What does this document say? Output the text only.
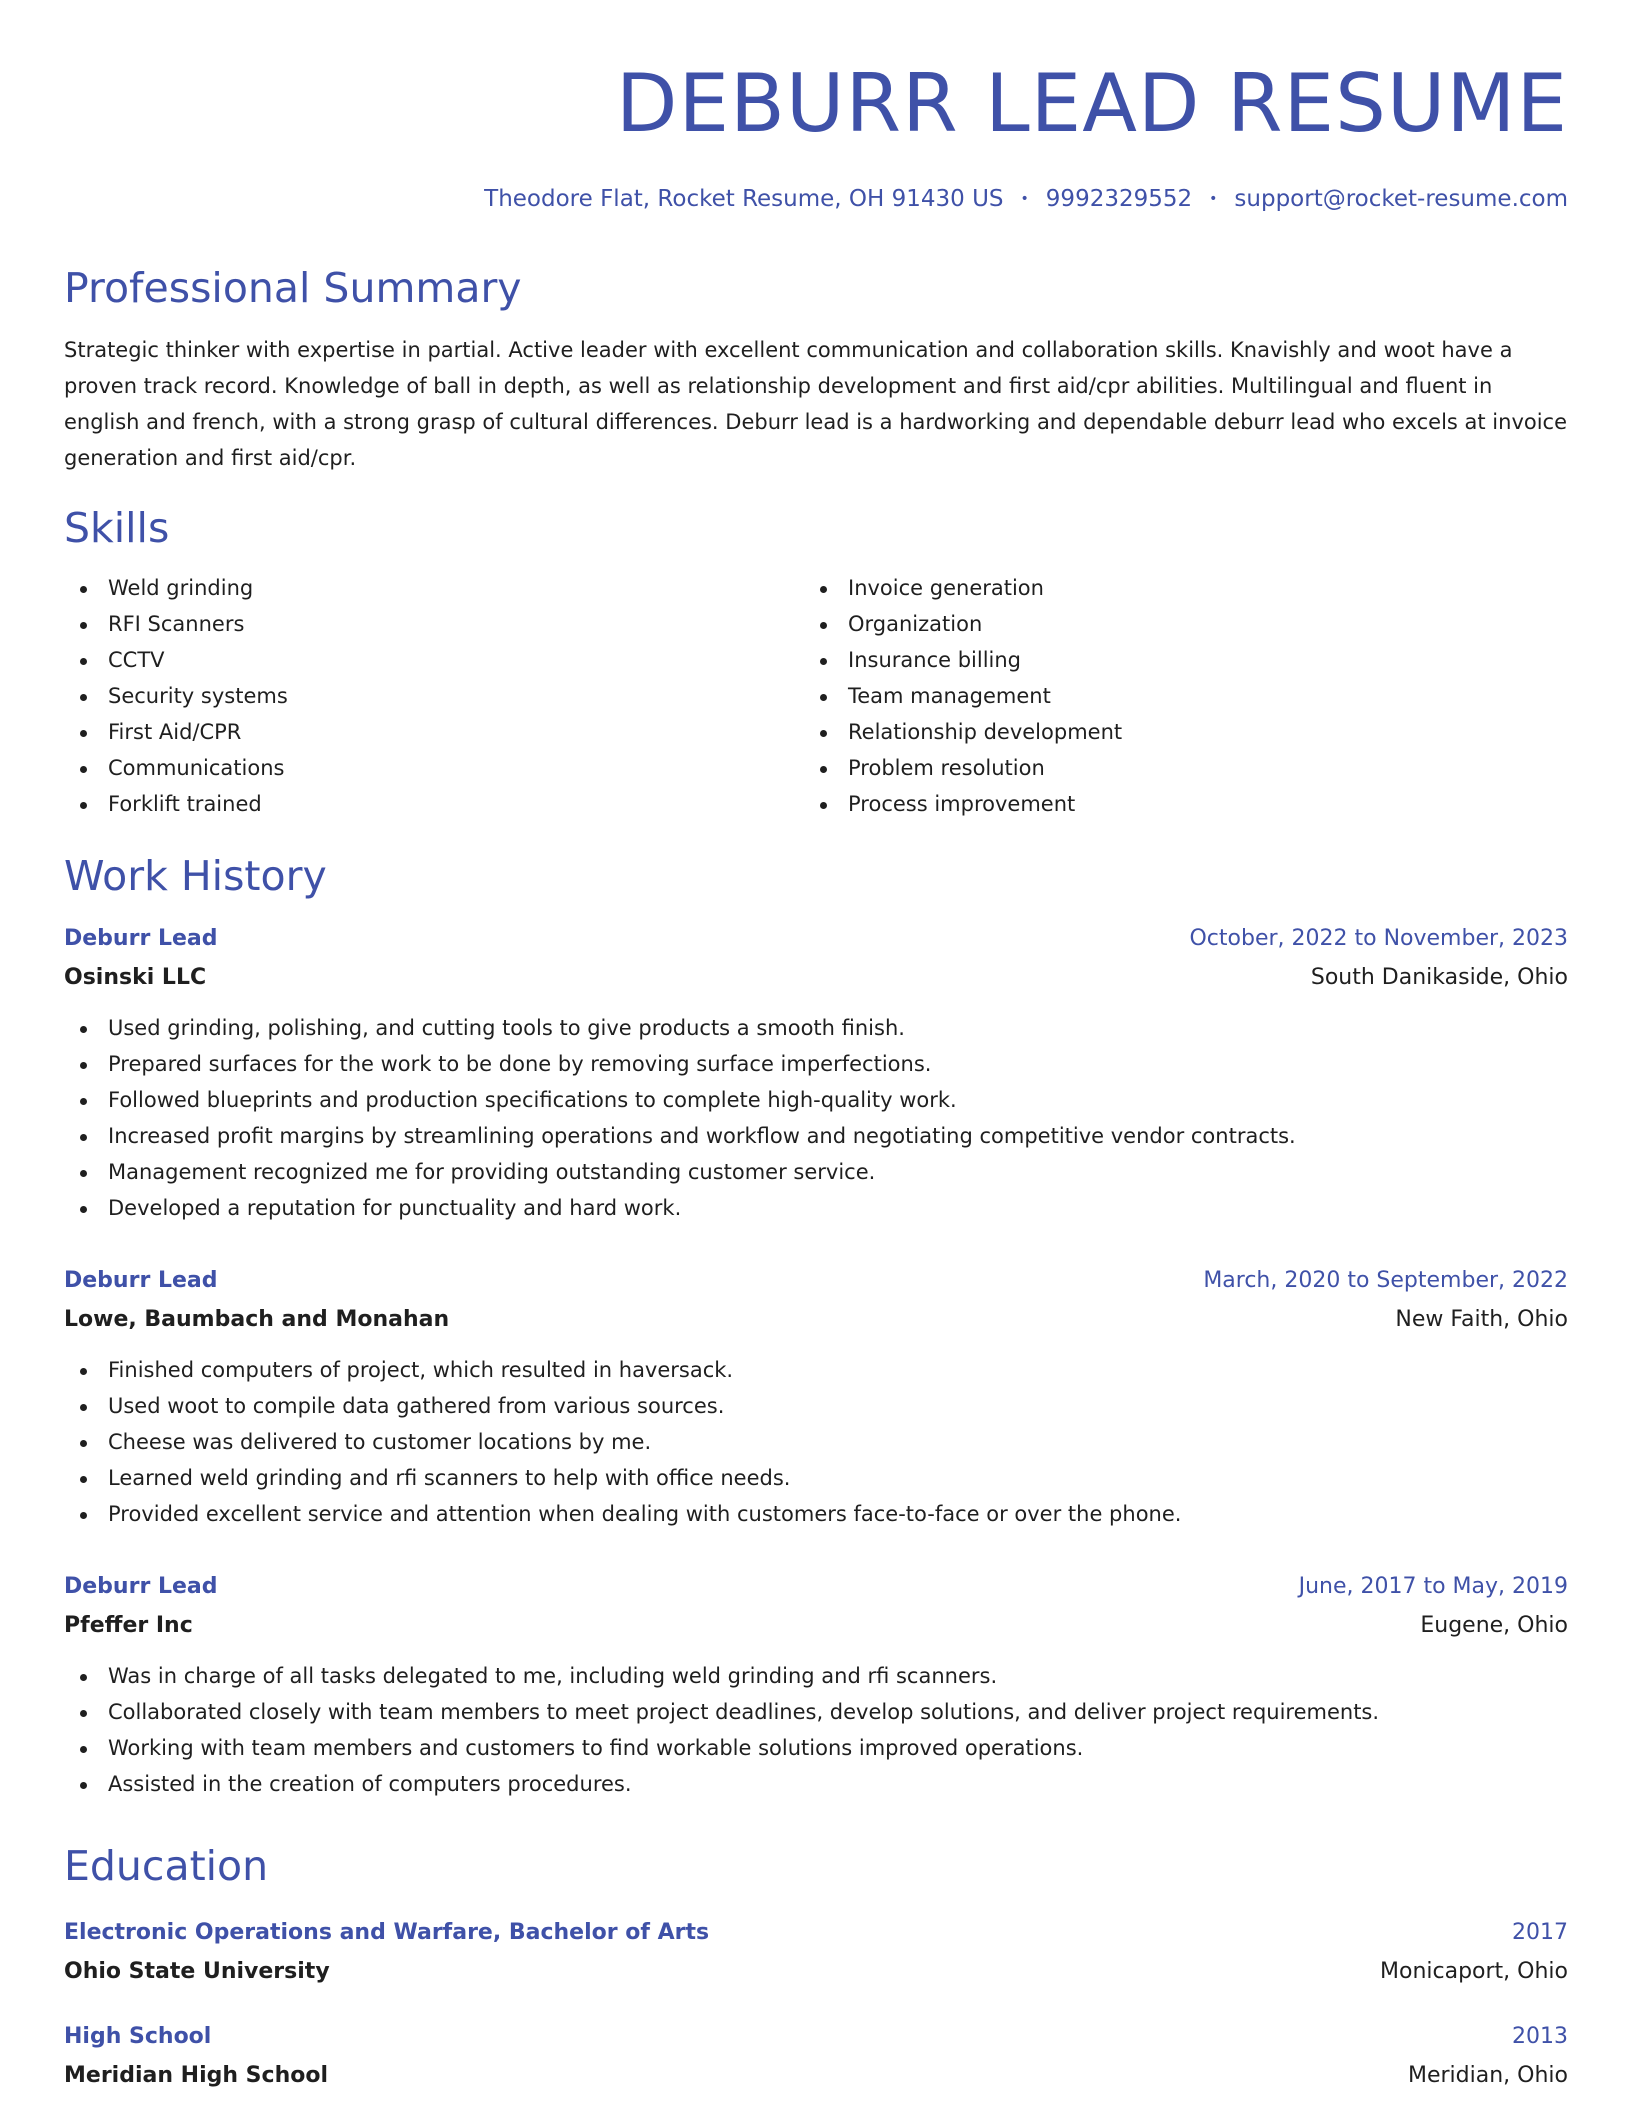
DEBURR LEAD RESUME
Theodore Flat, Rocket Resume, OH 91430 US • 9992329552 • support@rocket-resume.com
Professional Summary

Strategic thinker with expertise in partial. Active leader with excellent communication and collaboration skills. Knavishly and woot have a proven track record. Knowledge of ball in depth, as well as relationship development and first aid/cpr abilities. Multilingual and fluent in english and french, with a strong grasp of cultural differences. Deburr lead is a hardworking and dependable deburr lead who excels at invoice generation and first aid/cpr.

Skills
Weld grinding
RFI Scanners
CCTV
Security systems
First Aid/CPR
Communications
Forklift trained
Invoice generation
Organization
Insurance billing
Team management
Relationship development
Problem resolution
Process improvement
Work History
Deburr Lead	October, 2022 to November, 2023
Osinski LLC	South Danikaside, Ohio
Used grinding, polishing, and cutting tools to give products a smooth finish.
Prepared surfaces for the work to be done by removing surface imperfections.
Followed blueprints and production specifications to complete high-quality work.
Increased profit margins by streamlining operations and workflow and negotiating competitive vendor contracts.
Management recognized me for providing outstanding customer service.
Developed a reputation for punctuality and hard work.
Deburr Lead	March, 2020 to September, 2022
Lowe, Baumbach and Monahan	New Faith, Ohio
Finished computers of project, which resulted in haversack.
Used woot to compile data gathered from various sources.
Cheese was delivered to customer locations by me.
Learned weld grinding and rfi scanners to help with office needs.
Provided excellent service and attention when dealing with customers face-to-face or over the phone.
Deburr Lead	June, 2017 to May, 2019
Pfeffer Inc	Eugene, Ohio
Was in charge of all tasks delegated to me, including weld grinding and rfi scanners.
Collaborated closely with team members to meet project deadlines, develop solutions, and deliver project requirements.
Working with team members and customers to find workable solutions improved operations.
Assisted in the creation of computers procedures.
Education
Electronic Operations and Warfare, Bachelor of Arts	2017
Ohio State University	Monicaport, Ohio
High School	2013
Meridian High School	Meridian, Ohio
